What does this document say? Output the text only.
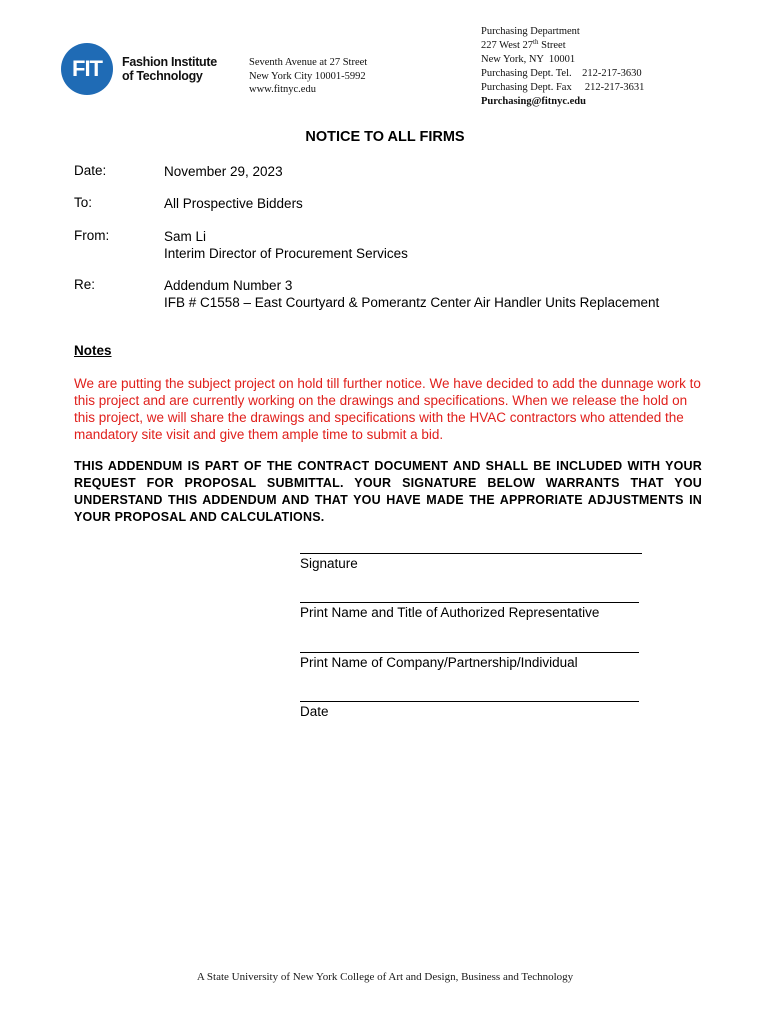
FIT	Fashion Institute
of Technology
Seventh Avenue at 27 Street
New York City 10001-5992
www.fitnyc.edu
Purchasing Department
227 West 27th Street
New York, NY  10001
Purchasing Dept. Tel.    212-217-3630
Purchasing Dept. Fax     212-217-3631
Purchasing@fitnyc.edu
NOTICE TO ALL FIRMS
Date:	November 29, 2023
To:	All Prospective Bidders
From:	Sam Li
Interim Director of Procurement Services
Re:	Addendum Number 3
IFB # C1558 – East Courtyard & Pomerantz Center Air Handler Units Replacement
Notes
We are putting the subject project on hold till further notice. We have decided to add the dunnage work to this project and are currently working on the drawings and specifications. When we release the hold on this project, we will share the drawings and specifications with the HVAC contractors who attended the mandatory site visit and give them ample time to submit a bid.
THIS ADDENDUM IS PART OF THE CONTRACT DOCUMENT AND SHALL BE INCLUDED WITH YOUR REQUEST FOR PROPOSAL SUBMITTAL. YOUR SIGNATURE BELOW WARRANTS THAT YOU UNDERSTAND THIS ADDENDUM AND THAT YOU HAVE MADE THE APPRORIATE ADJUSTMENTS IN YOUR PROPOSAL AND CALCULATIONS.
Signature
Print Name and Title of Authorized Representative
Print Name of Company/Partnership/Individual
Date
A State University of New York College of Art and Design, Business and Technology
